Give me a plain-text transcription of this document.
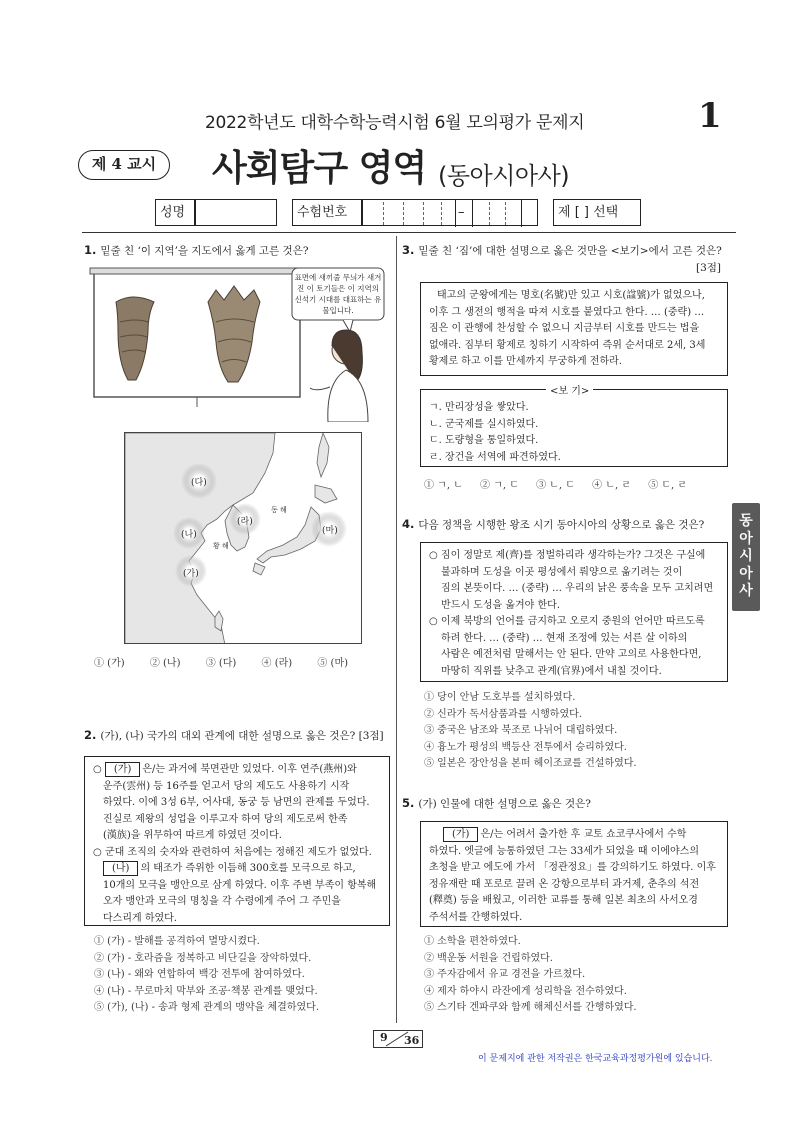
2022학년도 대학수학능력시험 6월 모의평가 문제지	1
제 4 교시	사회탐구 영역 (동아시아사)
성명	수험번호	–	제 [ ] 선택
1. 밑줄 친 ‘이 지역’을 지도에서 옳게 고른 것은?
표면에 새끼줄 무늬가 새겨진 이 토기들은 이 지역의 신석기 시대를 대표하는 유물입니다.
(다)
(나)
(라)
(마)
(가)
동 해
황 해
① (가)	② (나)	③ (다)	④ (라)	⑤ (마)
2. (가), (나) 국가의 대외 관계에 대한 설명으로 옳은 것은? [3점]
○ (가) 은/는 과거에 북면관만 있었다. 이후 연주(燕州)와
운주(雲州) 등 16주를 얻고서 당의 제도도 사용하기 시작
하였다. 이에 3성 6부, 어사대, 동궁 등 남면의 관제를 두었다.
진실로 제왕의 성업을 이루고자 하여 당의 제도로써 한족
(漢族)을 위무하여 따르게 하였던 것이다.
○ 군대 조직의 숫자와 관련하여 처음에는 정해진 제도가 없었다.
(나) 의 태조가 즉위한 이듬해 300호를 모극으로 하고,
10개의 모극을 맹안으로 삼게 하였다. 이후 주변 부족이 항복해
오자 맹안과 모극의 명칭을 각 수령에게 주어 그 주민을
다스리게 하였다.
① (가) - 발해를 공격하여 멸망시켰다.
② (가) - 호라즘을 정복하고 비단길을 장악하였다.
③ (나) - 왜와 연합하여 백강 전투에 참여하였다.
④ (나) - 무로마치 막부와 조공·책봉 관계를 맺었다.
⑤ (가), (나) - 송과 형제 관계의 맹약을 체결하였다.
3. 밑줄 친 ‘짐’에 대한 설명으로 옳은 것만을 <보기>에서 고른 것은?
[3점]
태고의 군왕에게는 명호(名號)만 있고 시호(諡號)가 없었으나,
이후 그 생전의 행적을 따져 시호를 붙였다고 한다. … (중략) …
짐은 이 관행에 찬성할 수 없으니 지금부터 시호를 만드는 법을
없애라. 짐부터 황제로 칭하기 시작하여 즉위 순서대로 2세, 3세
황제로 하고 이를 만세까지 무궁하게 전하라.
ㄱ. 만리장성을 쌓았다.
ㄴ. 군국제를 실시하였다.
ㄷ. 도량형을 통일하였다.
ㄹ. 장건을 서역에 파견하였다.
<보 기>
① ㄱ, ㄴ ② ㄱ, ㄷ ③ ㄴ, ㄷ ④ ㄴ, ㄹ ⑤ ㄷ, ㄹ
동아시아사
4. 다음 정책을 시행한 왕조 시기 동아시아의 상황으로 옳은 것은?
○ 짐이 정말로 제(齊)를 정벌하리라 생각하는가? 그것은 구실에
불과하며 도성을 이곳 평성에서 뤄양으로 옮기려는 것이
짐의 본뜻이다. … (중략) … 우리의 낡은 풍속을 모두 고치려면
반드시 도성을 옮겨야 한다.
○ 이제 북방의 언어를 금지하고 오로지 중원의 언어만 따르도록
하려 한다. … (중략) … 현재 조정에 있는 서른 살 이하의
사람은 예전처럼 말해서는 안 된다. 만약 고의로 사용한다면,
마땅히 직위를 낮추고 관계(官界)에서 내칠 것이다.
① 당이 안남 도호부를 설치하였다.
② 신라가 독서삼품과를 시행하였다.
③ 중국은 남조와 북조로 나뉘어 대립하였다.
④ 흉노가 평성의 백등산 전투에서 승리하였다.
⑤ 일본은 장안성을 본떠 헤이조쿄를 건설하였다.
5. (가) 인물에 대한 설명으로 옳은 것은?
(가) 은/는 어려서 출가한 후 교토 쇼코쿠사에서 수학
하였다. 엣글에 능통하였던 그는 33세가 되었을 때 이에야스의
초청을 받고 에도에 가서 「정관정요」를 강의하기도 하였다. 이후
정유재란 때 포로로 끌려 온 강항으로부터 과거제, 춘추의 석전
(釋奠) 등을 배웠고, 이러한 교류를 통해 일본 최초의 사서오경
주석서를 간행하였다.
① 소학을 편찬하였다.
② 백운동 서원을 건립하였다.
③ 주자감에서 유교 경전을 가르쳤다.
④ 제자 하야시 라잔에게 성리학을 전수하였다.
⑤ 스기타 겐파쿠와 함께 해체신서를 간행하였다.
9 36
이 문제지에 관한 저작권은 한국교육과정평가원에 있습니다.
